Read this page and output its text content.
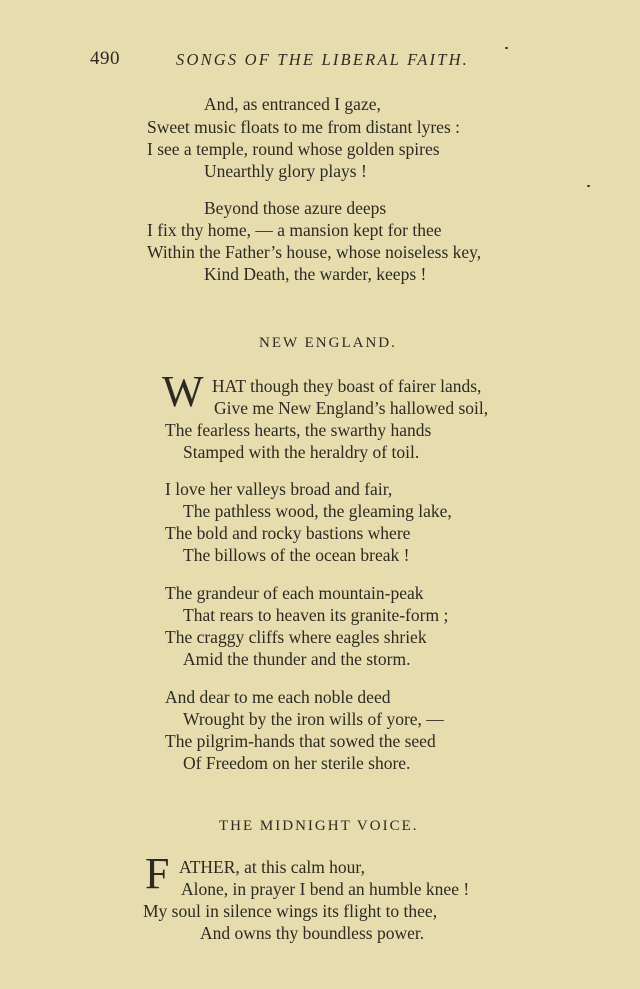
490	SONGS OF THE LIBERAL FAITH.
And, as entranced I gaze,
Sweet music floats to me from distant lyres :
I see a temple, round whose golden spires
Unearthly glory plays !
Beyond those azure deeps
I fix thy home, — a mansion kept for thee
Within the Father’s house, whose noiseless key,
Kind Death, the warder, keeps !
NEW ENGLAND.
W HAT though they boast of fairer lands,
Give me New England’s hallowed soil,
The fearless hearts, the swarthy hands
Stamped with the heraldry of toil.
I love her valleys broad and fair,
The pathless wood, the gleaming lake,
The bold and rocky bastions where
The billows of the ocean break !
The grandeur of each mountain-peak
That rears to heaven its granite-form ;
The craggy cliffs where eagles shriek
Amid the thunder and the storm.
And dear to me each noble deed
Wrought by the iron wills of yore, —
The pilgrim-hands that sowed the seed
Of Freedom on her sterile shore.
THE MIDNIGHT VOICE.
F ATHER, at this calm hour,
Alone, in prayer I bend an humble knee !
My soul in silence wings its flight to thee,
And owns thy boundless power.
